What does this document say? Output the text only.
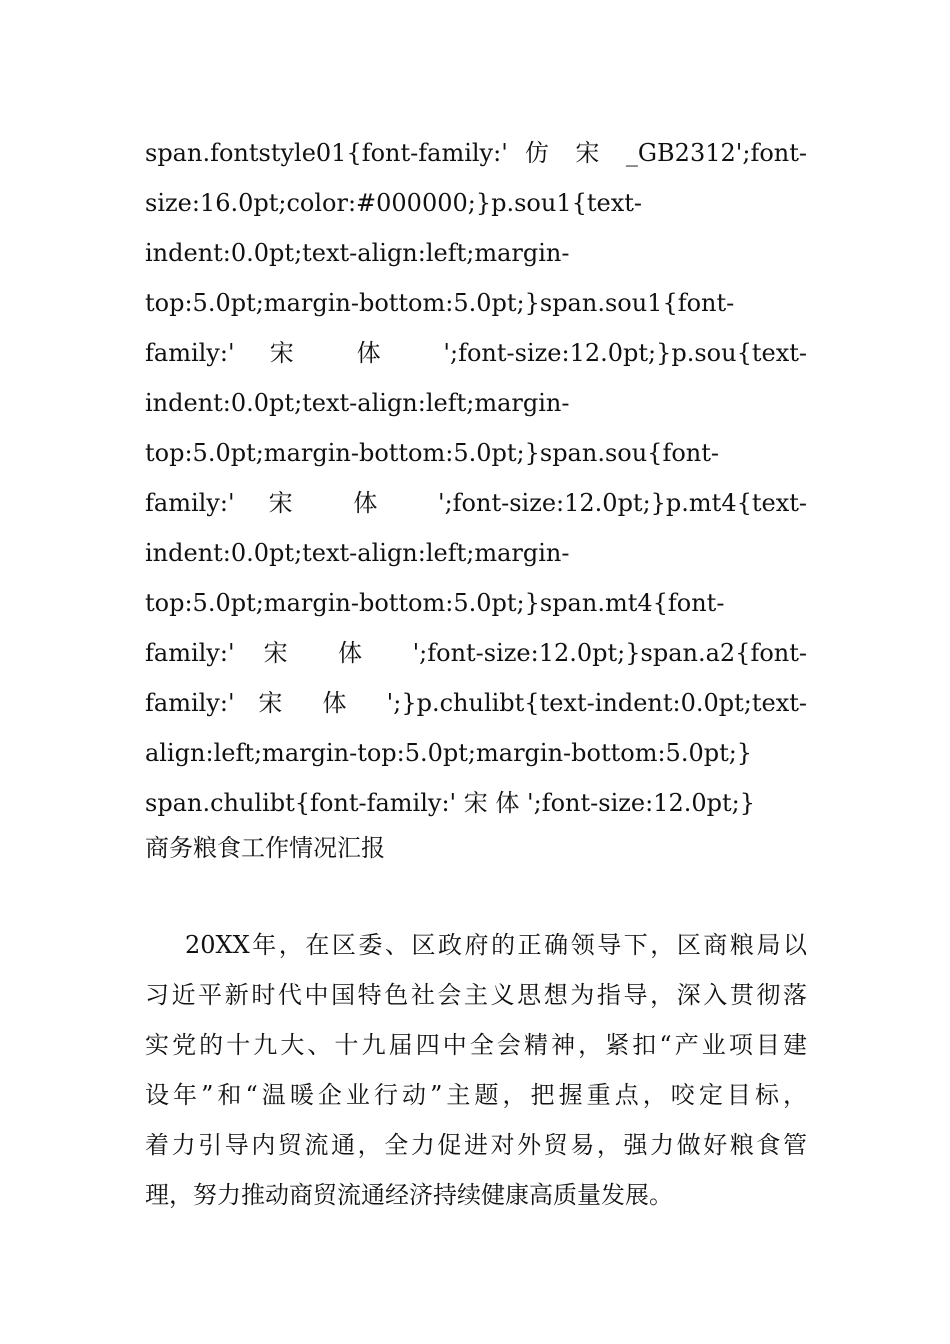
span.fontstyle01{font-family:' 仿 宋 _GB2312';font-
size:16.0pt;color:#000000;}p.sou1{text-
indent:0.0pt;text-align:left;margin-
top:5.0pt;margin-bottom:5.0pt;}span.sou1{font-
family:' 宋 体 ';font-size:12.0pt;}p.sou{text-
indent:0.0pt;text-align:left;margin-
top:5.0pt;margin-bottom:5.0pt;}span.sou{font-
family:' 宋 体 ';font-size:12.0pt;}p.mt4{text-
indent:0.0pt;text-align:left;margin-
top:5.0pt;margin-bottom:5.0pt;}span.mt4{font-
family:' 宋 体 ';font-size:12.0pt;}span.a2{font-
family:' 宋 体 ';}p.chulibt{text-indent:0.0pt;text-
align:left;margin-top:5.0pt;margin-bottom:5.0pt;}
span.chulibt{font-family:' 宋 体 ';font-size:12.0pt;}
商务粮食工作情况汇报
20XX年，在区委、区政府的正确领导下，区商粮局以
习近平新时代中国特色社会主义思想为指导，深入贯彻落
实党的十九大、十九届四中全会精神，紧扣“产业项目建
设年”和“温暖企业行动”主题，把握重点，咬定目标，
着力引导内贸流通，全力促进对外贸易，强力做好粮食管
理，努力推动商贸流通经济持续健康高质量发展。
